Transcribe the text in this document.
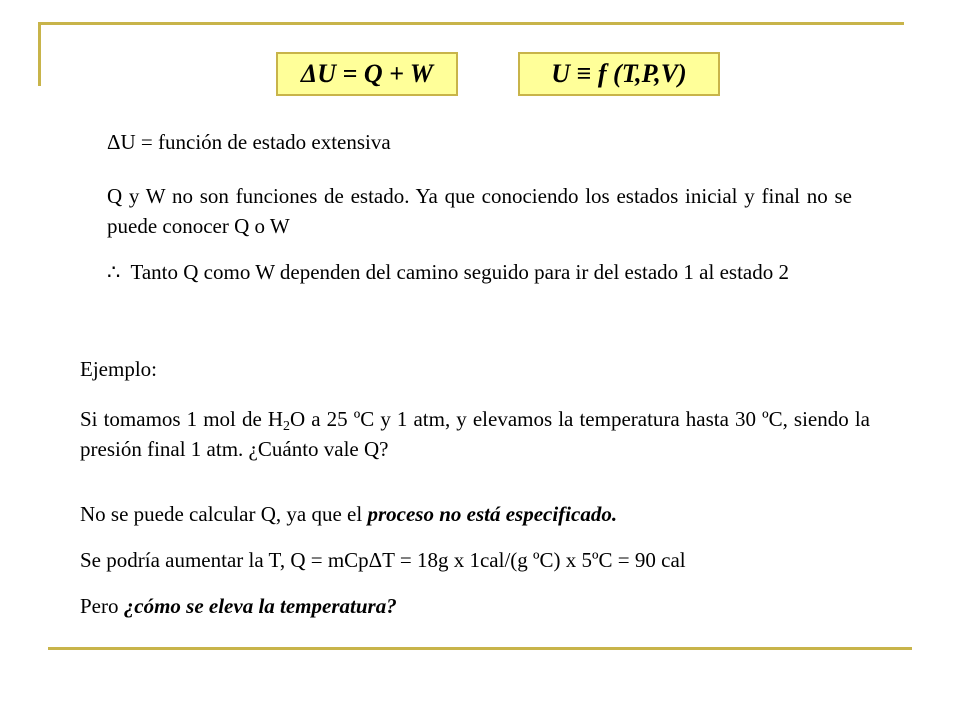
ΔU = Q + W	U ≡ f (T,P,V)
ΔU = función de estado extensiva
Q y W no son funciones de estado. Ya que conociendo los estados inicial y final no se puede conocer Q o W
∴ Tanto Q como W dependen del camino seguido para ir del estado 1 al estado 2
Ejemplo:
Si tomamos 1 mol de $H_2O$ a 25 ºC y 1 atm, y elevamos la temperatura hasta 30 ºC, siendo la presión final 1 atm. ¿Cuánto vale Q?
No se puede calcular Q, ya que el proceso no está especificado.
Se podría aumentar la T, Q = mCpΔT = 18g x 1cal/(g ºC) x 5ºC = 90 cal
Pero ¿cómo se eleva la temperatura?
